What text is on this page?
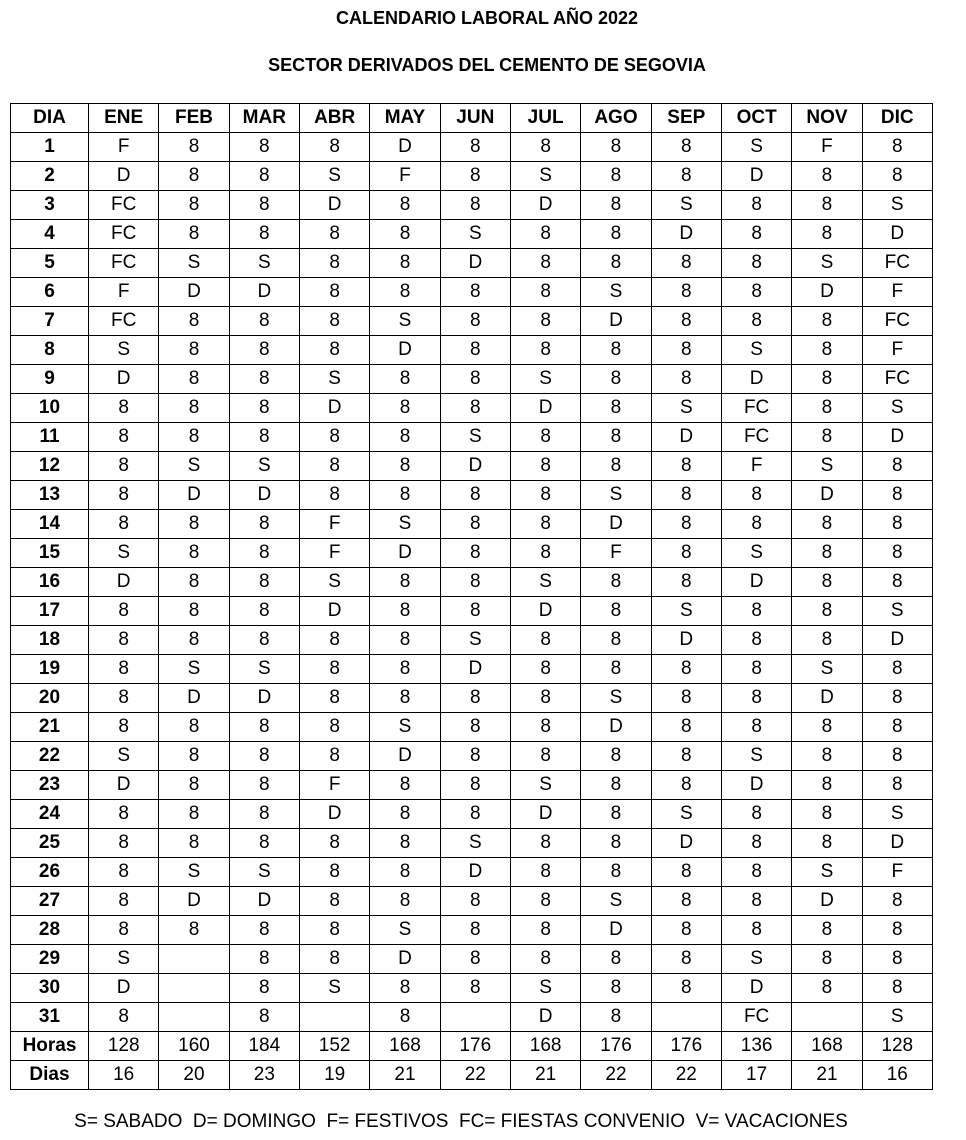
CALENDARIO LABORAL AÑO 2022
SECTOR DERIVADOS DEL CEMENTO DE SEGOVIA
DIA	ENE	FEB	MAR	ABR	MAY	JUN	JUL	AGO	SEP	OCT	NOV	DIC
1	F	8	8	8	D	8	8	8	8	S	F	8
2	D	8	8	S	F	8	S	8	8	D	8	8
3	FC	8	8	D	8	8	D	8	S	8	8	S
4	FC	8	8	8	8	S	8	8	D	8	8	D
5	FC	S	S	8	8	D	8	8	8	8	S	FC
6	F	D	D	8	8	8	8	S	8	8	D	F
7	FC	8	8	8	S	8	8	D	8	8	8	FC
8	S	8	8	8	D	8	8	8	8	S	8	F
9	D	8	8	S	8	8	S	8	8	D	8	FC
10	8	8	8	D	8	8	D	8	S	FC	8	S
11	8	8	8	8	8	S	8	8	D	FC	8	D
12	8	S	S	8	8	D	8	8	8	F	S	8
13	8	D	D	8	8	8	8	S	8	8	D	8
14	8	8	8	F	S	8	8	D	8	8	8	8
15	S	8	8	F	D	8	8	F	8	S	8	8
16	D	8	8	S	8	8	S	8	8	D	8	8
17	8	8	8	D	8	8	D	8	S	8	8	S
18	8	8	8	8	8	S	8	8	D	8	8	D
19	8	S	S	8	8	D	8	8	8	8	S	8
20	8	D	D	8	8	8	8	S	8	8	D	8
21	8	8	8	8	S	8	8	D	8	8	8	8
22	S	8	8	8	D	8	8	8	8	S	8	8
23	D	8	8	F	8	8	S	8	8	D	8	8
24	8	8	8	D	8	8	D	8	S	8	8	S
25	8	8	8	8	8	S	8	8	D	8	8	D
26	8	S	S	8	8	D	8	8	8	8	S	F
27	8	D	D	8	8	8	8	S	8	8	D	8
28	8	8	8	8	S	8	8	D	8	8	8	8
29	S		8	8	D	8	8	8	8	S	8	8
30	D		8	S	8	8	S	8	8	D	8	8
31	8		8		8		D	8		FC		S
Horas	128	160	184	152	168	176	168	176	176	136	168	128
Dias	16	20	23	19	21	22	21	22	22	17	21	16
S= SABADO  D= DOMINGO  F= FESTIVOS  FC= FIESTAS CONVENIO  V= VACACIONES
